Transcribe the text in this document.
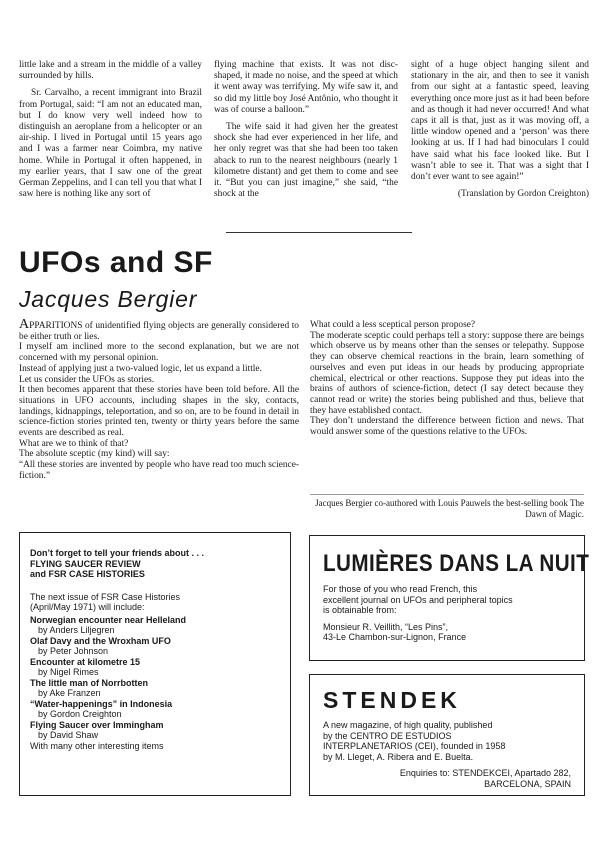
little lake and a stream in the middle of a valley surrounded by hills.

Sr. Carvalho, a recent immigrant into Brazil from Portugal, said: “I am not an educated man, but I do know very well indeed how to distinguish an aeroplane from a helicopter or an air-ship. I lived in Portugal until 15 years ago and I was a farmer near Coimbra, my native home. While in Portugal it often happened, in my earlier years, that I saw one of the great German Zeppelins, and I can tell you that what I saw here is nothing like any sort of

flying machine that exists. It was not disc-shaped, it made no noise, and the speed at which it went away was terrifying. My wife saw it, and so did my little boy José Antônio, who thought it was of course a balloon.”

The wife said it had given her the greatest shock she had ever experienced in her life, and her only regret was that she had been too taken aback to run to the nearest neighbours (nearly 1 kilometre distant) and get them to come and see it. “But you can just imagine,” she said, “the shock at the

sight of a huge object hanging silent and stationary in the air, and then to see it vanish from our sight at a fantastic speed, leaving everything once more just as it had been before and as though it had never occurred! And what caps it all is that, just as it was moving off, a little window opened and a ‘person’ was there looking at us. If I had had binoculars I could have said what his face looked like. But I wasn’t able to see it. That was a sight that I don’t ever want to see again!”

(Translation by Gordon Creighton)
UFOs and SF
Jacques Bergier

APPARITIONS of unidentified flying objects are generally considered to be either truth or lies.

I myself am inclined more to the second explanation, but we are not concerned with my personal opinion.

Instead of applying just a two-valued logic, let us expand a little.

Let us consider the UFOs as stories.

It then becomes apparent that these stories have been told before. All the situations in UFO accounts, including shapes in the sky, contacts, landings, kidnappings, teleportation, and so on, are to be found in detail in science-fiction stories printed ten, twenty or thirty years before the same events are described as real.

What are we to think of that?

The absolute sceptic (my kind) will say:

“All these stories are invented by people who have read too much science-fiction.”

What could a less sceptical person propose?

The moderate sceptic could perhaps tell a story: suppose there are beings which observe us by means other than the senses or telepathy. Suppose they can observe chemical reactions in the brain, learn something of ourselves and even put ideas in our heads by producing appropriate chemical, electrical or other reactions. Suppose they put ideas into the brains of authors of science-fiction, detect (I say detect because they cannot read or write) the stories being published and thus, believe that they have established contact.

They don’t understand the difference between fiction and news. That would answer some of the questions relative to the UFOs.

Jacques Bergier co-authored with Louis Pauwels the best-selling book The Dawn of Magic.
Don’t forget to tell your friends about . . .
FLYING SAUCER REVIEW
and FSR CASE HISTORIES
The next issue of FSR Case Histories
(April/May 1971) will include:
Norwegian encounter near Helleland
by Anders Liljegren
Olaf Davy and the Wroxham UFO
by Peter Johnson
Encounter at kilometre 15
by Nigel Rimes
The little man of Norrbotten
by Ake Franzen
“Water-happenings” in Indonesia
by Gordon Creighton
Flying Saucer over Immingham
by David Shaw
With many other interesting items
LUMIÈRES DANS LA NUIT
For those of you who read French, this
excellent journal on UFOs and peripheral topics
is obtainable from:
Monsieur R. Veillith, “Les Pins”,
43-Le Chambon-sur-Lignon, France
STENDEK
A new magazine, of high quality, published
by the CENTRO DE ESTUDIOS
INTERPLANETARIOS (CEI), founded in 1958
by M. Lleget, A. Ribera and E. Buelta.
Enquiries to: STENDEKCEI, Apartado 282,
BARCELONA, SPAIN
